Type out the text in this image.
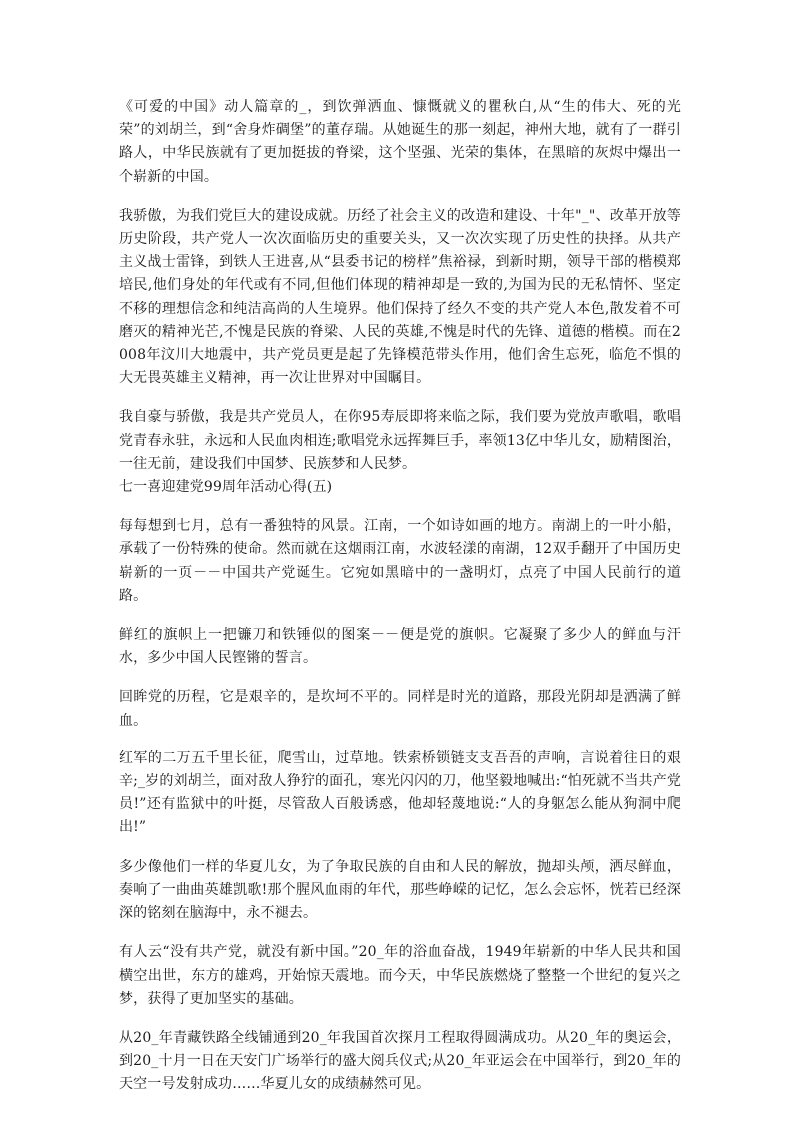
《可爱的中国》动人篇章的_，到饮弹洒血、慷慨就义的瞿秋白,从“生的伟大、死的光荣”的刘胡兰，到“舍身炸碉堡”的董存瑞。从她诞生的那一刻起，神州大地，就有了一群引路人，中华民族就有了更加挺拔的脊梁，这个坚强、光荣的集体，在黑暗的灰烬中爆出一个崭新的中国。

我骄傲，为我们党巨大的建设成就。历经了社会主义的改造和建设、十年"_"、改革开放等历史阶段，共产党人一次次面临历史的重要关头，又一次次实现了历史性的抉择。从共产主义战士雷锋，到铁人王进喜,从“县委书记的榜样”焦裕禄，到新时期，领导干部的楷模郑培民,他们身处的年代或有不同,但他们体现的精神却是一致的,为国为民的无私情怀、坚定不移的理想信念和纯洁高尚的人生境界。他们保持了经久不变的共产党人本色,散发着不可磨灭的精神光芒,不愧是民族的脊梁、人民的英雄,不愧是时代的先锋、道德的楷模。而在2008年汶川大地震中，共产党员更是起了先锋模范带头作用，他们舍生忘死，临危不惧的大无畏英雄主义精神，再一次让世界对中国瞩目。

我自豪与骄傲，我是共产党员人，在你95寿辰即将来临之际，我们要为党放声歌唱，歌唱党青春永驻，永远和人民血肉相连;歌唱党永远挥舞巨手，率领13亿中华儿女，励精图治，一往无前，建设我们中国梦、民族梦和人民梦。

七一喜迎建党99周年活动心得(五)

每每想到七月，总有一番独特的风景。江南，一个如诗如画的地方。南湖上的一叶小船，承载了一份特殊的使命。然而就在这烟雨江南，水波轻漾的南湖，12双手翻开了中国历史崭新的一页－－中国共产党诞生。它宛如黑暗中的一盏明灯，点亮了中国人民前行的道路。

鲜红的旗帜上一把镰刀和铁锤似的图案－－便是党的旗帜。它凝聚了多少人的鲜血与汗水，多少中国人民铿锵的誓言。

回眸党的历程，它是艰辛的，是坎坷不平的。同样是时光的道路，那段光阴却是洒满了鲜血。

红军的二万五千里长征，爬雪山，过草地。铁索桥锁链支支吾吾的声响，言说着往日的艰辛;_岁的刘胡兰，面对敌人狰狞的面孔，寒光闪闪的刀，他坚毅地喊出:“怕死就不当共产党员!”还有监狱中的叶挺，尽管敌人百般诱惑，他却轻蔑地说:“人的身躯怎么能从狗洞中爬出!”

多少像他们一样的华夏儿女，为了争取民族的自由和人民的解放，抛却头颅，洒尽鲜血，奏响了一曲曲英雄凯歌!那个腥风血雨的年代，那些峥嵘的记忆，怎么会忘怀，恍若已经深深的铭刻在脑海中，永不褪去。

有人云“没有共产党，就没有新中国。”20_年的浴血奋战，1949年崭新的中华人民共和国横空出世，东方的雄鸡，开始惊天震地。而今天，中华民族燃烧了整整一个世纪的复兴之梦，获得了更加坚实的基础。

从20_年青藏铁路全线铺通到20_年我国首次探月工程取得圆满成功。从20_年的奥运会，到20_十月一日在天安门广场举行的盛大阅兵仪式;从20_年亚运会在中国举行，到20_年的天空一号发射成功……华夏儿女的成绩赫然可见。
